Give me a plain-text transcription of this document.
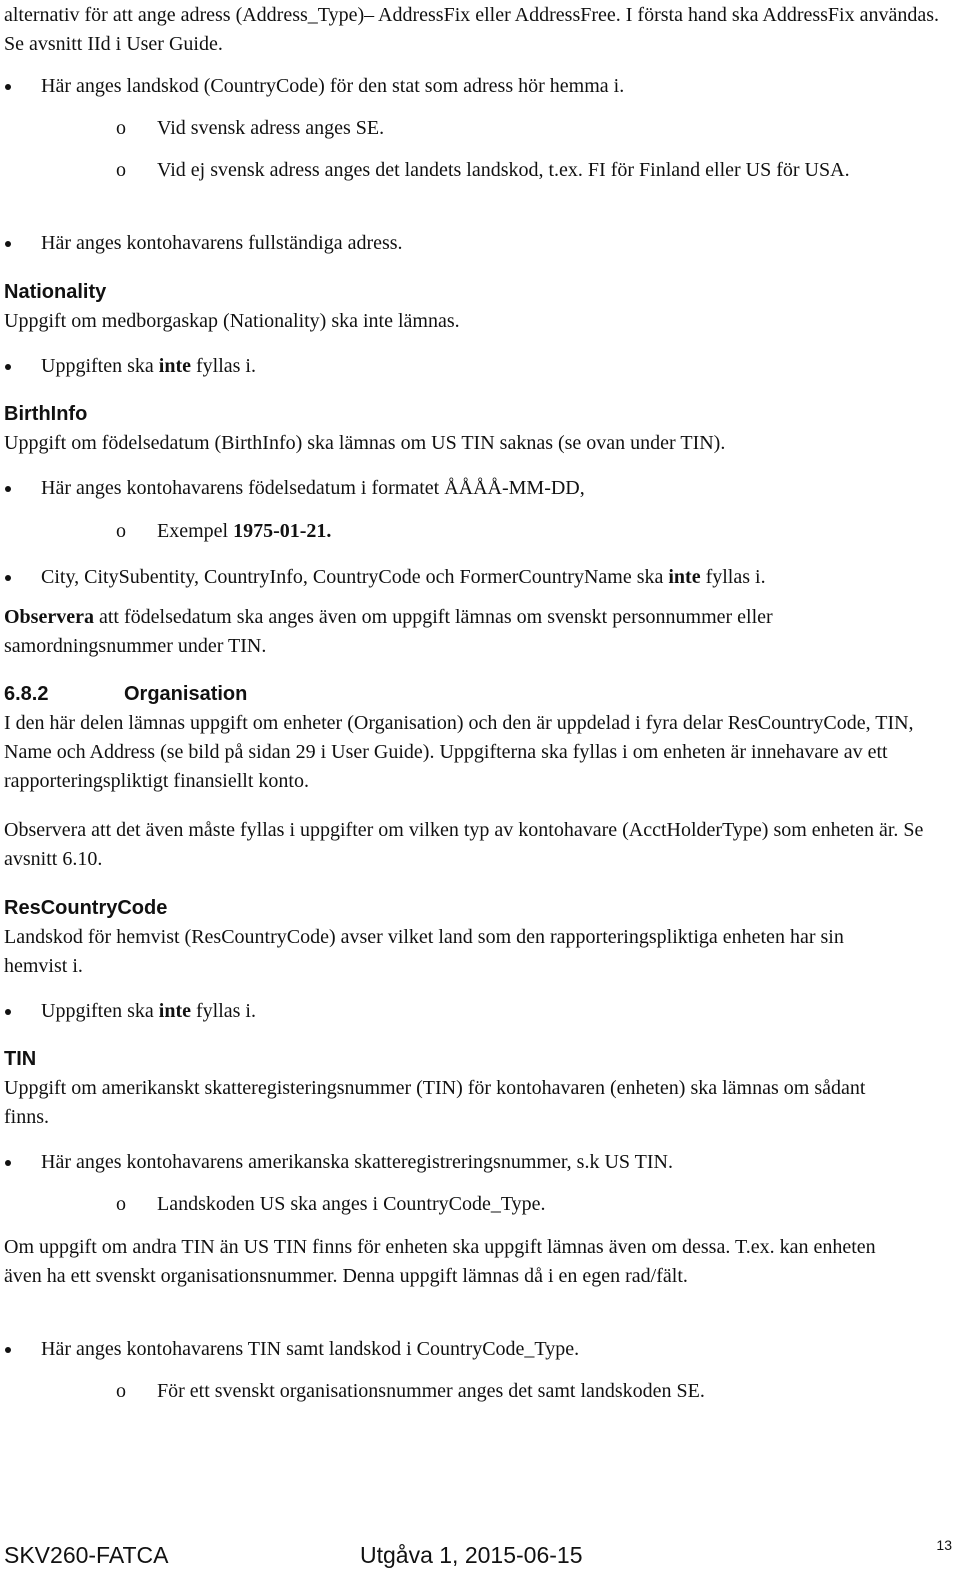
alternativ för att ange adress (Address_Type)– AddressFix eller AddressFree. I första hand ska AddressFix användas. Se avsnitt IId i User Guide.

Här anges landskod (CountryCode) för den stat som adress hör hemma i.

o Vid svensk adress anges SE.

o Vid ej svensk adress anges det landets landskod, t.ex. FI för Finland eller US för USA.

Här anges kontohavarens fullständiga adress.

Nationality

Uppgift om medborgaskap (Nationality) ska inte lämnas.

Uppgiften ska inte fyllas i.

BirthInfo

Uppgift om födelsedatum (BirthInfo) ska lämnas om US TIN saknas (se ovan under TIN).

Här anges kontohavarens födelsedatum i formatet ÅÅÅÅ-MM-DD,

o Exempel 1975-01-21.

City, CitySubentity, CountryInfo, CountryCode och FormerCountryName ska inte fyllas i.

Observera att födelsedatum ska anges även om uppgift lämnas om svenskt personnummer eller samordningsnummer under TIN.

6.8.2	Organisation

I den här delen lämnas uppgift om enheter (Organisation) och den är uppdelad i fyra delar ResCountryCode, TIN, Name och Address (se bild på sidan 29 i User Guide). Uppgifterna ska fyllas i om enheten är innehavare av ett rapporteringspliktigt finansiellt konto.

Observera att det även måste fyllas i uppgifter om vilken typ av kontohavare (AcctHolderType) som enheten är. Se avsnitt 6.10.

ResCountryCode

Landskod för hemvist (ResCountryCode) avser vilket land som den rapporteringspliktiga enheten har sin hemvist i.

Uppgiften ska inte fyllas i.

TIN

Uppgift om amerikanskt skatteregisteringsnummer (TIN) för kontohavaren (enheten) ska lämnas om sådant finns.

Här anges kontohavarens amerikanska skatteregistreringsnummer, s.k US TIN.

o Landskoden US ska anges i CountryCode_Type.

Om uppgift om andra TIN än US TIN finns för enheten ska uppgift lämnas även om dessa. T.ex. kan enheten även ha ett svenskt organisationsnummer. Denna uppgift lämnas då i en egen rad/fält.

Här anges kontohavarens TIN samt landskod i CountryCode_Type.

o För ett svenskt organisationsnummer anges det samt landskoden SE.

SKV260-FATCA	Utgåva 1, 2015-06-15	13
